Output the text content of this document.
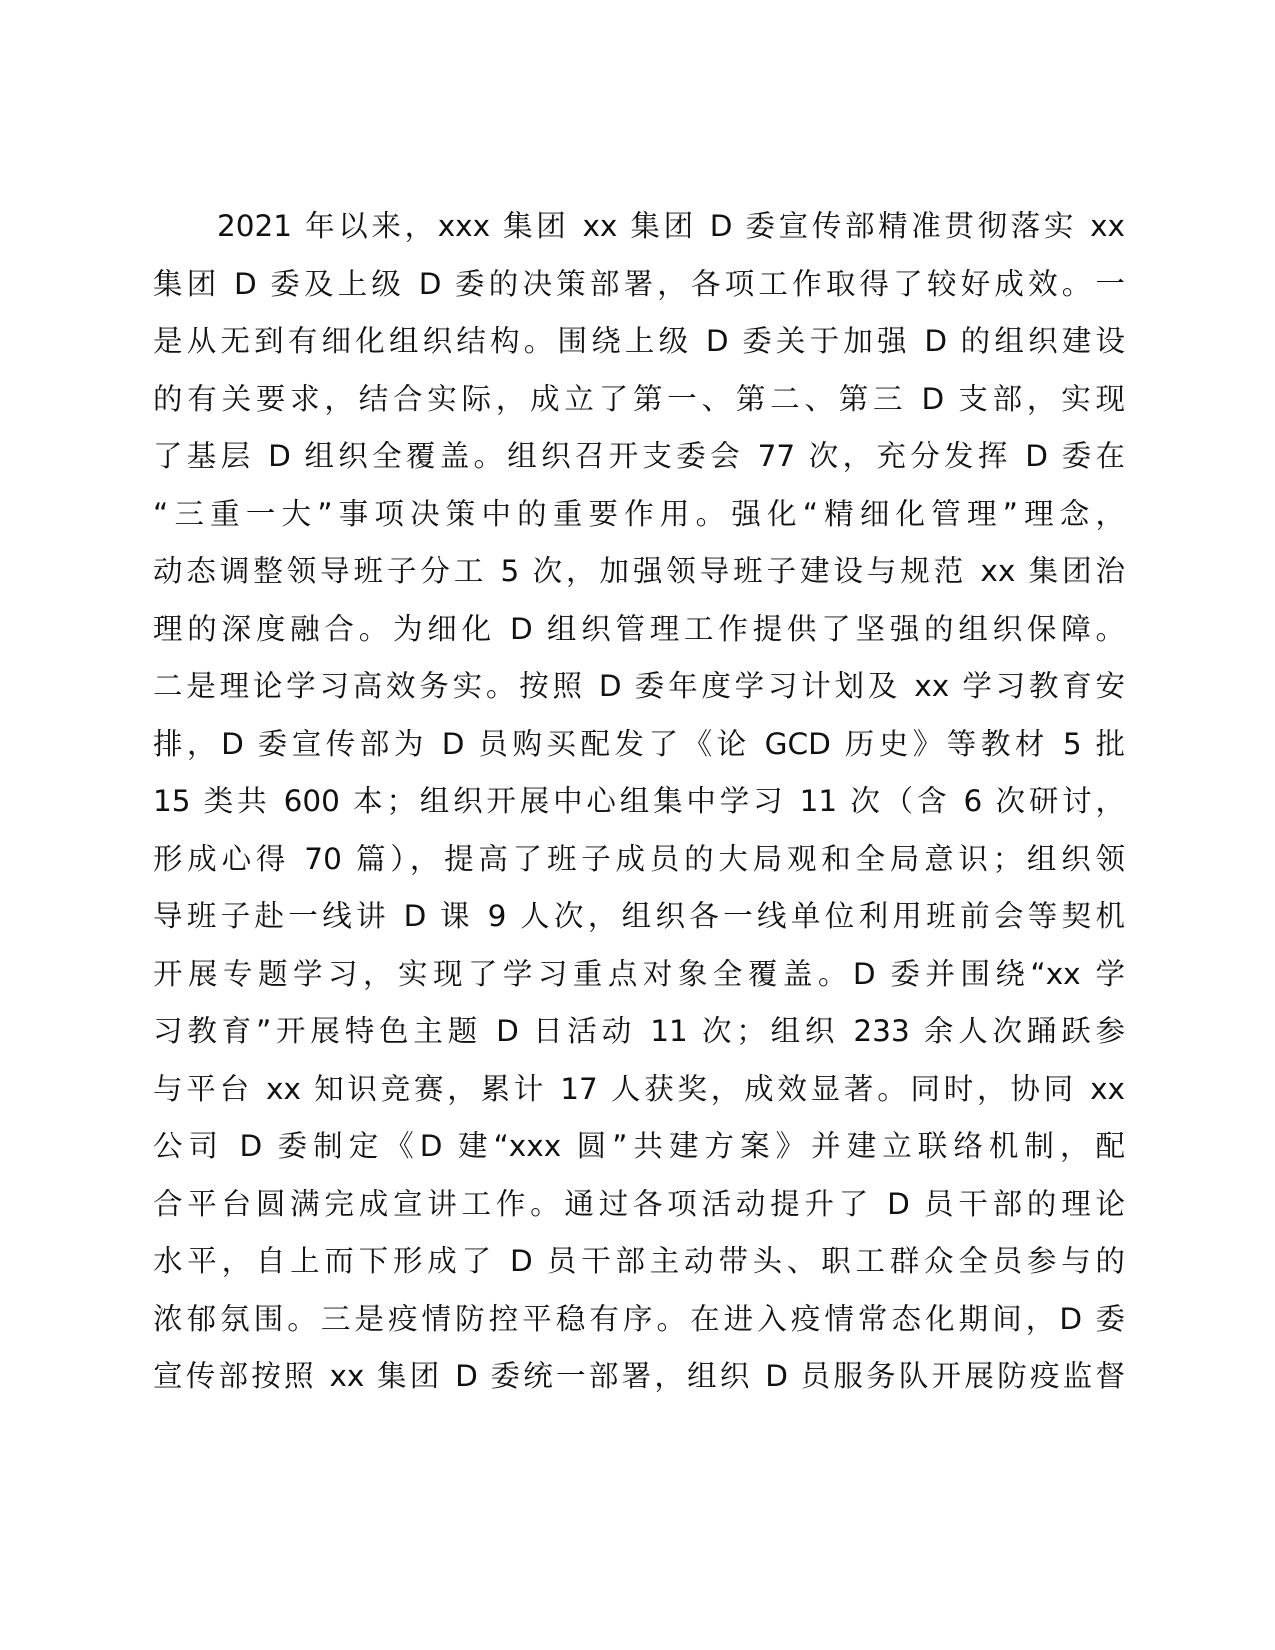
2021 年以来，xxx 集团 xx 集团 D 委宣传部精准贯彻落实 xx
集团 D 委及上级 D 委的决策部署，各项工作取得了较好成效。一
是从无到有细化组织结构。围绕上级 D 委关于加强 D 的组织建设
的有关要求，结合实际，成立了第一、第二、第三 D 支部，实现
了基层 D 组织全覆盖。组织召开支委会 77 次，充分发挥 D 委在
“三重一大”事项决策中的重要作用。强化“精细化管理”理念，
动态调整领导班子分工 5 次，加强领导班子建设与规范 xx 集团治
理的深度融合。为细化 D 组织管理工作提供了坚强的组织保障。
二是理论学习高效务实。按照 D 委年度学习计划及 xx 学习教育安
排，D 委宣传部为 D 员购买配发了《论 GCD 历史》等教材 5 批
15 类共 600 本；组织开展中心组集中学习 11 次（含 6 次研讨，
形成心得 70 篇），提高了班子成员的大局观和全局意识；组织领
导班子赴一线讲 D 课 9 人次，组织各一线单位利用班前会等契机
开展专题学习，实现了学习重点对象全覆盖。D 委并围绕“xx 学
习教育”开展特色主题 D 日活动 11 次；组织 233 余人次踊跃参
与平台 xx 知识竞赛，累计 17 人获奖，成效显著。同时，协同 xx
公司 D 委制定《D 建“xxx 圆”共建方案》并建立联络机制，配
合平台圆满完成宣讲工作。通过各项活动提升了 D 员干部的理论
水平，自上而下形成了 D 员干部主动带头、职工群众全员参与的
浓郁氛围。三是疫情防控平稳有序。在进入疫情常态化期间，D 委
宣传部按照 xx 集团 D 委统一部署，组织 D 员服务队开展防疫监督
